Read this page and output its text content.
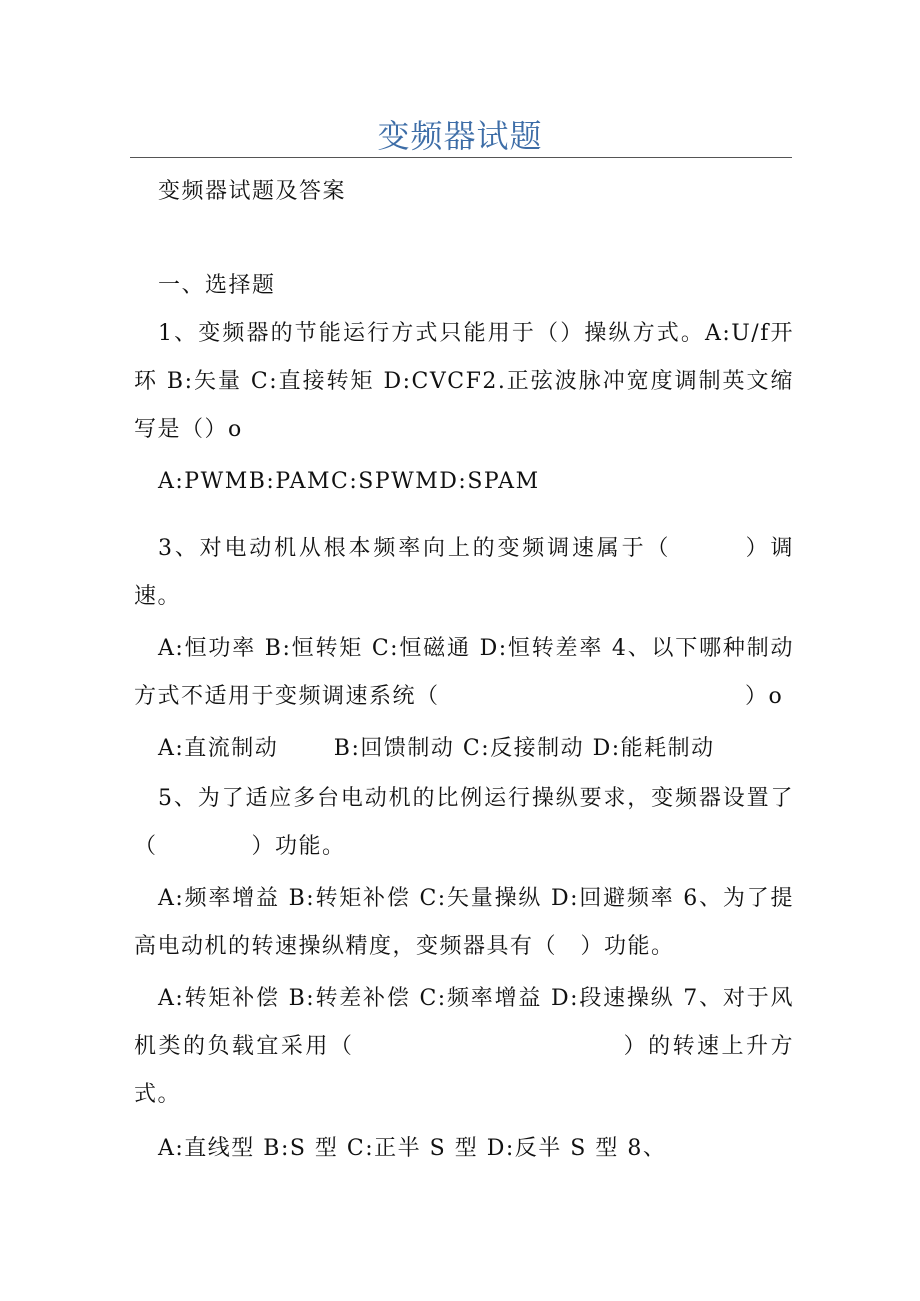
变频器试题

变频器试题及答案

一、选择题

1、变频器的节能运行方式只能用于（）操纵方式。A:U/f开环 B:矢量 C:直接转矩 D:CVCF2.正弦波脉冲宽度调制英文缩写是（）o

A:PWMB:PAMC:SPWMD:SPAM

3、对电动机从根本频率向上的变频调速属于（　　　）调速。

A:恒功率 B:恒转矩 C:恒磁通 D:恒转差率 4、以下哪种制动方式不适用于变频调速系统（　　　　　　　　　　　　　）o

A:直流制动　　 B:回馈制动 C:反接制动 D:能耗制动

5、为了适应多台电动机的比例运行操纵要求，变频器设置了（　　　　）功能。

A:频率增益 B:转矩补偿 C:矢量操纵 D:回避频率 6、为了提高电动机的转速操纵精度，变频器具有（　）功能。

A:转矩补偿 B:转差补偿 C:频率增益 D:段速操纵 7、对于风机类的负载宜采用（　　　　　　　　　　　）的转速上升方式。

A:直线型 B:S 型 C:正半 S 型 D:反半 S 型 8、
